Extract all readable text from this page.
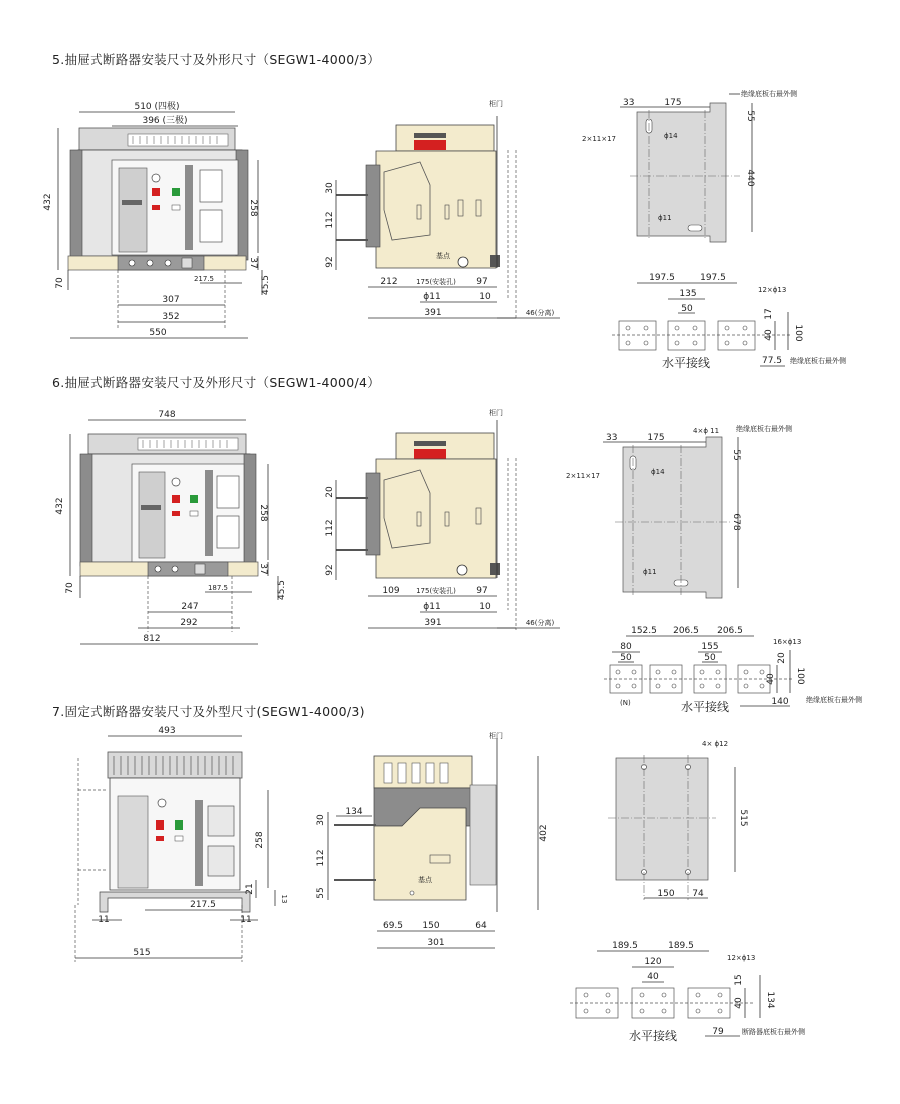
5.抽屉式断路器安装尺寸及外形尺寸（SEGW1-4000/3）
6.抽屉式断路器安装尺寸及外形尺寸（SEGW1-4000/4）
7.固定式断路器安装尺寸及外型尺寸(SEGW1-4000/3)
510 (四极)
396 (三极)
432	258
37
70	45.5
217.5
307
352
550
柜门
30
112
92
基点
212	175(安装孔) 97
ϕ11	10
391	46(分离)
33	175
绝缘底板右最外侧
2×11×17	ϕ14
ϕ11
55
440
197.5	197.5
135
50
12×ϕ13
17
40 100
77.5 绝缘底板右最外侧
水平接线
748
432	258
37
70	45.5
187.5
247
292
812
柜门
20
112
92
109 175(安装孔) 97
ϕ11	10
391	46(分离)
33	175
4×ϕ 11 绝缘底板右最外侧
2×11×17	ϕ14
ϕ11
55
678
152.5 206.5 206.5
80
50
155
50
16×ϕ13
20
40 100
140
(N)	绝缘底板右最外侧
水平接线
493
258
21
13
11
217.5
11
515
柜门
134
30
112
55
基点
402
69.5 150	64
301
4× ϕ12
515
150 74
189.5	189.5
120
40
12×ϕ13
15
40 134
79	断路器底板右最外侧
水平接线
